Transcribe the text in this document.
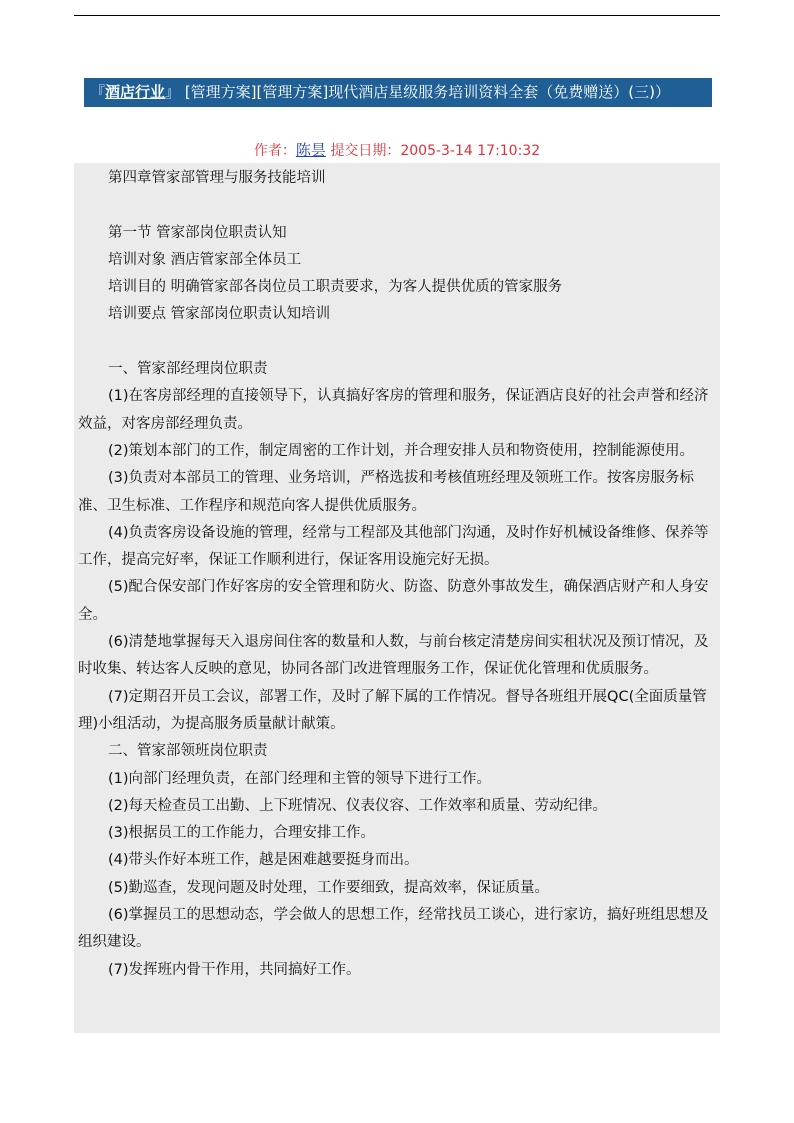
『酒店行业』 [管理方案][管理方案]现代酒店星级服务培训资料全套（免费赠送）(三)）
作者：陈昙 提交日期：2005-3-14 17:10:32

第四章管家部管理与服务技能培训

第一节 管家部岗位职责认知

培训对象 酒店管家部全体员工

培训目的 明确管家部各岗位员工职责要求，为客人提供优质的管家服务

培训要点 管家部岗位职责认知培训

一、管家部经理岗位职责

(1)在客房部经理的直接领导下，认真搞好客房的管理和服务，保证酒店良好的社会声誉和经济效益，对客房部经理负责。

(2)策划本部门的工作，制定周密的工作计划，并合理安排人员和物资使用，控制能源使用。

(3)负责对本部员工的管理、业务培训，严格选拔和考核值班经理及领班工作。按客房服务标准、卫生标准、工作程序和规范向客人提供优质服务。

(4)负责客房设备设施的管理，经常与工程部及其他部门沟通，及时作好机械设备维修、保养等工作，提高完好率，保证工作顺利进行，保证客用设施完好无损。

(5)配合保安部门作好客房的安全管理和防火、防盗、防意外事故发生，确保酒店财产和人身安全。

(6)清楚地掌握每天入退房间住客的数量和人数，与前台核定清楚房间实租状况及预订情况，及时收集、转达客人反映的意见，协同各部门改进管理服务工作，保证优化管理和优质服务。

(7)定期召开员工会议，部署工作，及时了解下属的工作情况。督导各班组开展QC(全面质量管理)小组活动，为提高服务质量献计献策。

二、管家部领班岗位职责

(1)向部门经理负责，在部门经理和主管的领导下进行工作。

(2)每天检查员工出勤、上下班情况、仪表仪容、工作效率和质量、劳动纪律。

(3)根据员工的工作能力，合理安排工作。

(4)带头作好本班工作，越是困难越要挺身而出。

(5)勤巡查，发现问题及时处理，工作要细致，提高效率，保证质量。

(6)掌握员工的思想动态，学会做人的思想工作，经常找员工谈心，进行家访，搞好班组思想及组织建设。

(7)发挥班内骨干作用，共同搞好工作。
